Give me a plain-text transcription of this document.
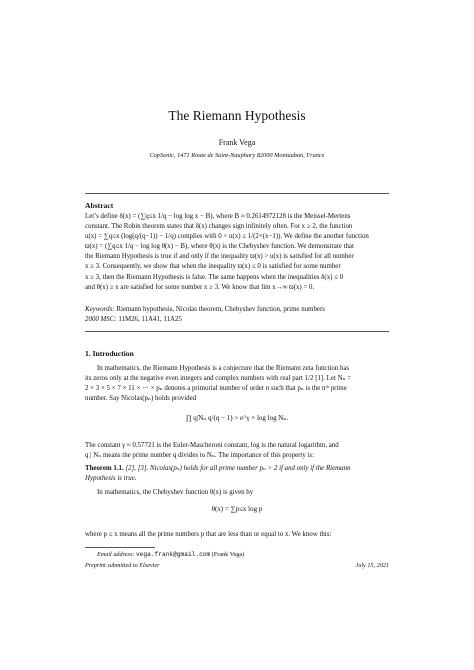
The Riemann Hypothesis
Frank Vega
CopSonic, 1471 Route de Saint-Nauphary 82000 Montauban, France
Abstract
Let’s define δ(x) = (∑q≤x 1/q − log log x − B), where B ≈ 0.2614972128 is the Meissel-Mertens
constant. The Robin theorem states that δ(x) changes sign infinitely often. For x ≥ 2, the function
u(x) = ∑q≤x (log(q/(q−1)) − 1/q) complies with 0 < u(x) ≤ 1/(2×(x−1)). We define the another function
ϖ(x) = (∑q≤x 1/q − log log θ(x) − B), where θ(x) is the Chebyshev function. We demonstrate that
the Riemann Hypothesis is true if and only if the inequality ϖ(x) > u(x) is satisfied for all number
x ≥ 3. Consequently, we show that when the inequality ϖ(x) ≤ 0 is satisfied for some number
x ≥ 3, then the Riemann Hypothesis is false. The same happens when the inequalities δ(x) ≤ 0
and θ(x) ≥ x are satisfied for some number x ≥ 3. We know that lim x→∞ ϖ(x) = 0.
Keywords: Riemann hypothesis, Nicolas theorem, Chebyshev function, prime numbers
2000 MSC: 11M26, 11A41, 11A25
1. Introduction
In mathematics, the Riemann Hypothesis is a conjecture that the Riemann zeta function has
its zeros only at the negative even integers and complex numbers with real part 1/2 [1]. Let Nₙ =
2 × 3 × 5 × 7 × 11 × ··· × pₙ denotes a primorial number of order n such that pₙ is the nᵗʰ prime
number. Say Nicolas(pₙ) holds provided
∏ q|Nₙ q/(q − 1) > e^γ × log log Nₙ.
The constant γ ≈ 0.57721 is the Euler-Mascheroni constant, log is the natural logarithm, and
q | Nₙ means the prime number q divides to Nₙ. The importance of this property is:
Theorem 1.1. [2], [3]. Nicolas(pₙ) holds for all prime number pₙ > 2 if and only if the Riemann
Hypothesis is true.
In mathematics, the Chebyshev function θ(x) is given by
θ(x) = ∑p≤x log p
where p ≤ x means all the prime numbers p that are less than or equal to x. We know this:
Email address: vega.frank@gmail.com (Frank Vega)
Preprint submitted to Elsevier	July 15, 2021
